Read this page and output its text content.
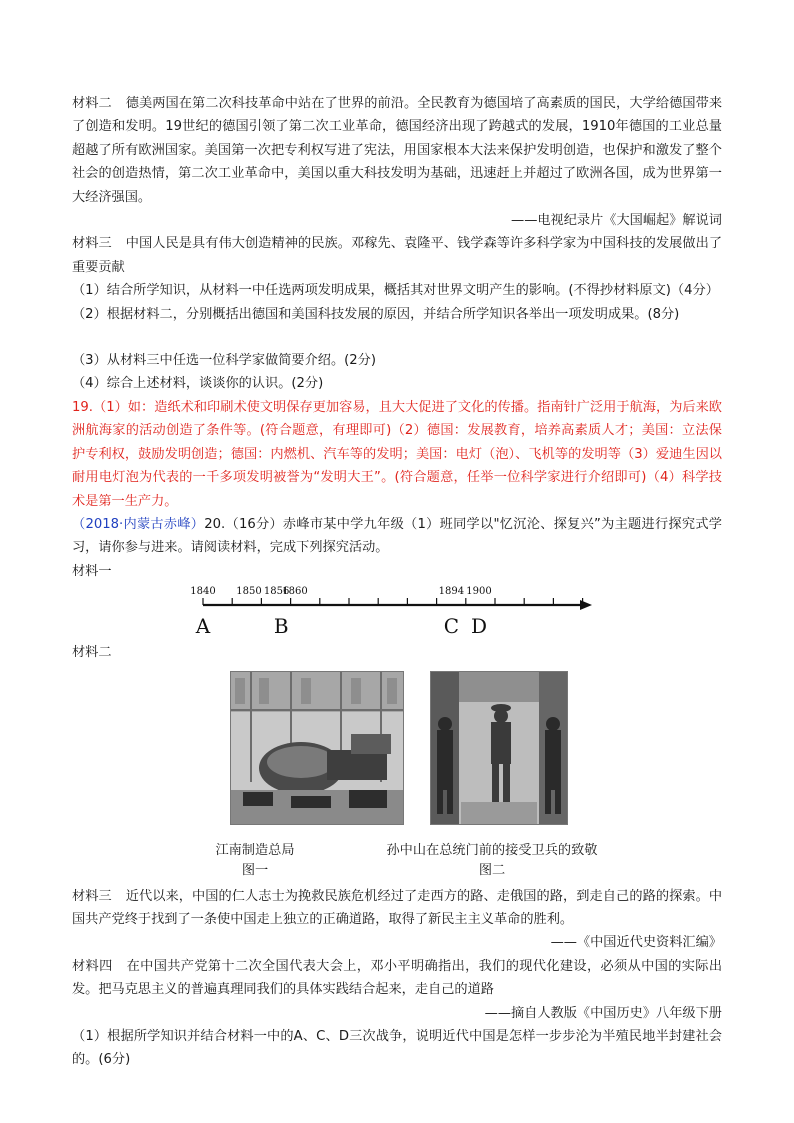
材料二 德美两国在第二次科技革命中站在了世界的前沿。全民教育为德国培了高素质的国民，大学给德国带来了创造和发明。19世纪的德国引领了第二次工业革命，德国经济出现了跨越式的发展，1910年德国的工业总量超越了所有欧洲国家。美国第一次把专利权写进了宪法，用国家根本大法来保护发明创造，也保护和激发了整个社会的创造热情，第二次工业革命中，美国以重大科技发明为基础，迅速赶上并超过了欧洲各国，成为世界第一大经济强国。

——电视纪录片《大国崛起》解说词

材料三 中国人民是具有伟大创造精神的民族。邓稼先、袁隆平、钱学森等许多科学家为中国科技的发展做出了重要贡献

（1）结合所学知识，从材料一中任选两项发明成果，概括其对世界文明产生的影响。(不得抄材料原文)（4分）

（2）根据材料二，分别概括出德国和美国科技发展的原因，并结合所学知识各举出一项发明成果。(8分)

（3）从材料三中任选一位科学家做简要介绍。(2分)

（4）综合上述材料，谈谈你的认识。(2分)

19.（1）如：造纸术和印刷术使文明保存更加容易，且大大促进了文化的传播。指南针广泛用于航海，为后来欧洲航海家的活动创造了条件等。(符合题意，有理即可)（2）德国：发展教育，培养高素质人才；美国：立法保护专利权，鼓励发明创造；德国：内燃机、汽车等的发明；美国：电灯（泡）、飞机等的发明等（3）爱迪生因以耐用电灯泡为代表的一千多项发明被誉为“发明大王”。(符合题意，任举一位科学家进行介绍即可)（4）科学技术是第一生产力。

（2018·内蒙古赤峰）20.（16分）赤峰市某中学九年级（1）班同学以"忆沉沦、探复兴”为主题进行探究式学习，请你参与进来。请阅读材料，完成下列探究活动。

材料一

1840 1850 1856
1860	1894 1900
A	B	C D

材料二

江南制造总局
图一
孙中山在总统门前的接受卫兵的致敬
图二

材料三 近代以来，中国的仁人志士为挽救民族危机经过了走西方的路、走俄国的路，到走自己的路的探索。中国共产党终于找到了一条使中国走上独立的正确道路，取得了新民主主义革命的胜利。

——《中国近代史资料汇编》

材料四 在中国共产党第十二次全国代表大会上，邓小平明确指出，我们的现代化建设，必须从中国的实际出发。把马克思主义的普遍真理同我们的具体实践结合起来，走自己的道路

——摘自人教版《中国历史》八年级下册

（1）根据所学知识并结合材料一中的A、C、D三次战争，说明近代中国是怎样一步步沦为半殖民地半封建社会的。(6分)
